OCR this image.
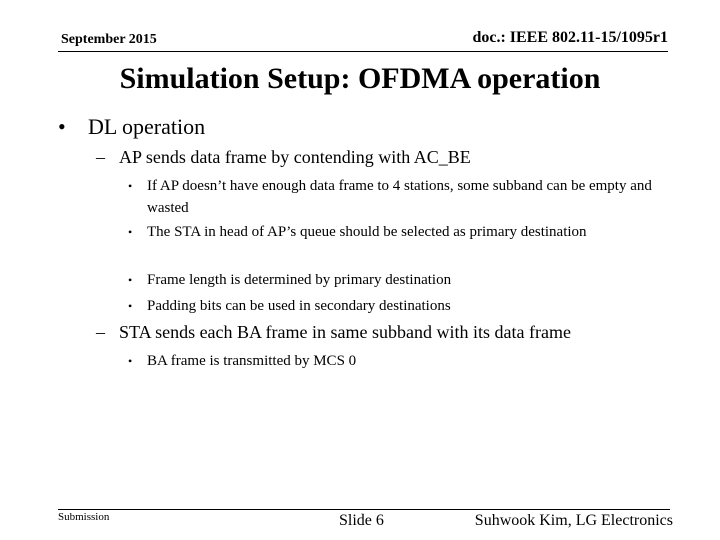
September 2015	doc.: IEEE 802.11-15/1095r1
Simulation Setup: OFDMA operation
• DL operation
– AP sends data frame by contending with AC_BE
• If AP doesn’t have enough data frame to 4 stations, some subband can be empty and wasted
• The STA in head of AP’s queue should be selected as primary destination
• Frame length is determined by primary destination
• Padding bits can be used in secondary destinations
– STA sends each BA frame in same subband with its data frame
• BA frame is transmitted by MCS 0
Submission	Slide 6	Suhwook Kim, LG Electronics
